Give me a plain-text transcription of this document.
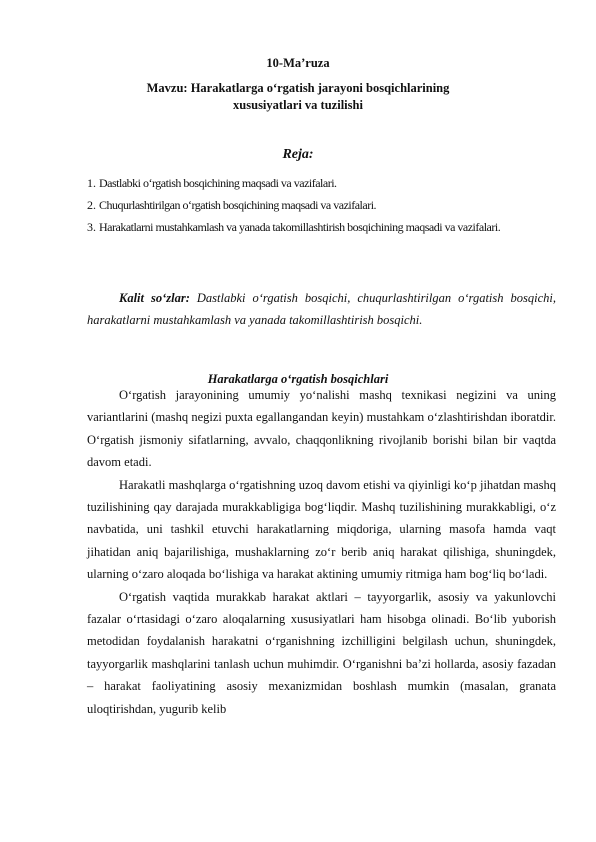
10-Ma’ruza
Mavzu: Harakatlarga o‘rgatish jarayoni bosqichlarining
xususiyatlari va tuzilishi
Reja:
1. Dastlabki o‘rgatish bosqichining maqsadi va vazifalari.
2. Chuqurlashtirilgan o‘rgatish bosqichining maqsadi va vazifalari.
3. Harakatlarni mustahkamlash va yanada takomillashtirish bosqichining maqsadi va vazifalari.
Kalit so‘zlar: Dastlabki o‘rgatish bosqichi, chuqurlashtirilgan o‘rgatish bosqichi, harakatlarni mustahkamlash va yanada takomillashtirish bosqichi.
Harakatlarga o‘rgatish bosqichlari

O‘rgatish jarayonining umumiy yo‘nalishi mashq texnikasi negizini va uning variantlarini (mashq negizi puxta egallangandan keyin) mustahkam o‘zlashtirishdan iboratdir. O‘rgatish jismoniy sifatlarning, avvalo, chaqqonlikning rivojlanib borishi bilan bir vaqtda davom etadi.

Harakatli mashqlarga o‘rgatishning uzoq davom etishi va qiyinligi ko‘p jihatdan mashq tuzilishining qay darajada murakkabligiga bog‘liqdir. Mashq tuzilishining murakkabligi, o‘z navbatida, uni tashkil etuvchi harakatlarning miqdoriga, ularning masofa hamda vaqt jihatidan aniq bajarilishiga, mushaklarning zo‘r berib aniq harakat qilishiga, shuningdek, ularning o‘zaro aloqada bo‘lishiga va harakat aktining umumiy ritmiga ham bog‘liq bo‘ladi.

O‘rgatish vaqtida murakkab harakat aktlari – tayyorgarlik, asosiy va yakunlovchi fazalar o‘rtasidagi o‘zaro aloqalarning xususiyatlari ham hisobga olinadi. Bo‘lib yuborish metodidan foydalanish harakatni o‘rganishning izchilligini belgilash uchun, shuningdek, tayyorgarlik mashqlarini tanlash uchun muhimdir. O‘rganishni ba’zi hollarda, asosiy fazadan – harakat faoliyatining asosiy mexanizmidan boshlash mumkin (masalan, granata uloqtirishdan, yugurib kelib
